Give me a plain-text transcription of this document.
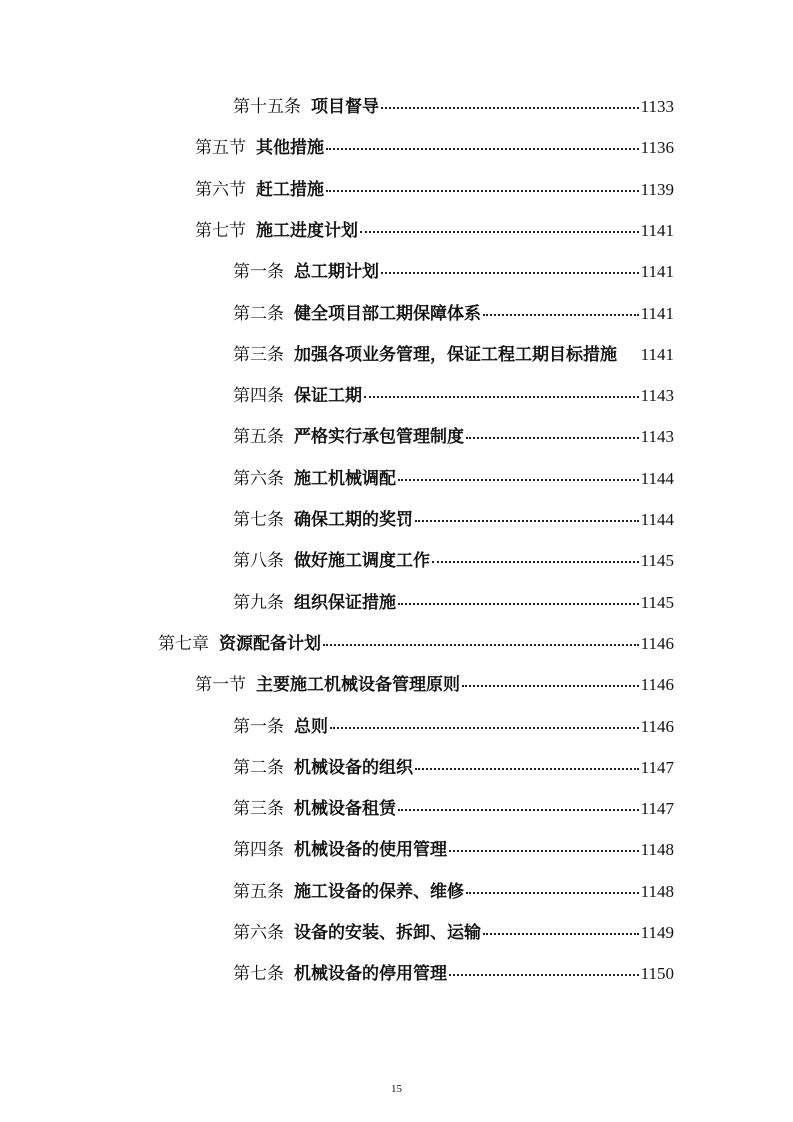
第十五条 项目督导	1133
第五节 其他措施	1136
第六节 赶工措施	1139
第七节 施工进度计划	1141
第一条 总工期计划	1141
第二条 健全项目部工期保障体系	1141
第三条 加强各项业务管理，保证工程工期目标措施 1141
第四条 保证工期	1143
第五条 严格实行承包管理制度	1143
第六条 施工机械调配	1144
第七条 确保工期的奖罚	1144
第八条 做好施工调度工作	1145
第九条 组织保证措施	1145
第七章 资源配备计划	1146
第一节 主要施工机械设备管理原则	1146
第一条 总则	1146
第二条 机械设备的组织	1147
第三条 机械设备租赁	1147
第四条 机械设备的使用管理	1148
第五条 施工设备的保养、维修	1148
第六条 设备的安装、拆卸、运输	1149
第七条 机械设备的停用管理	1150
15
